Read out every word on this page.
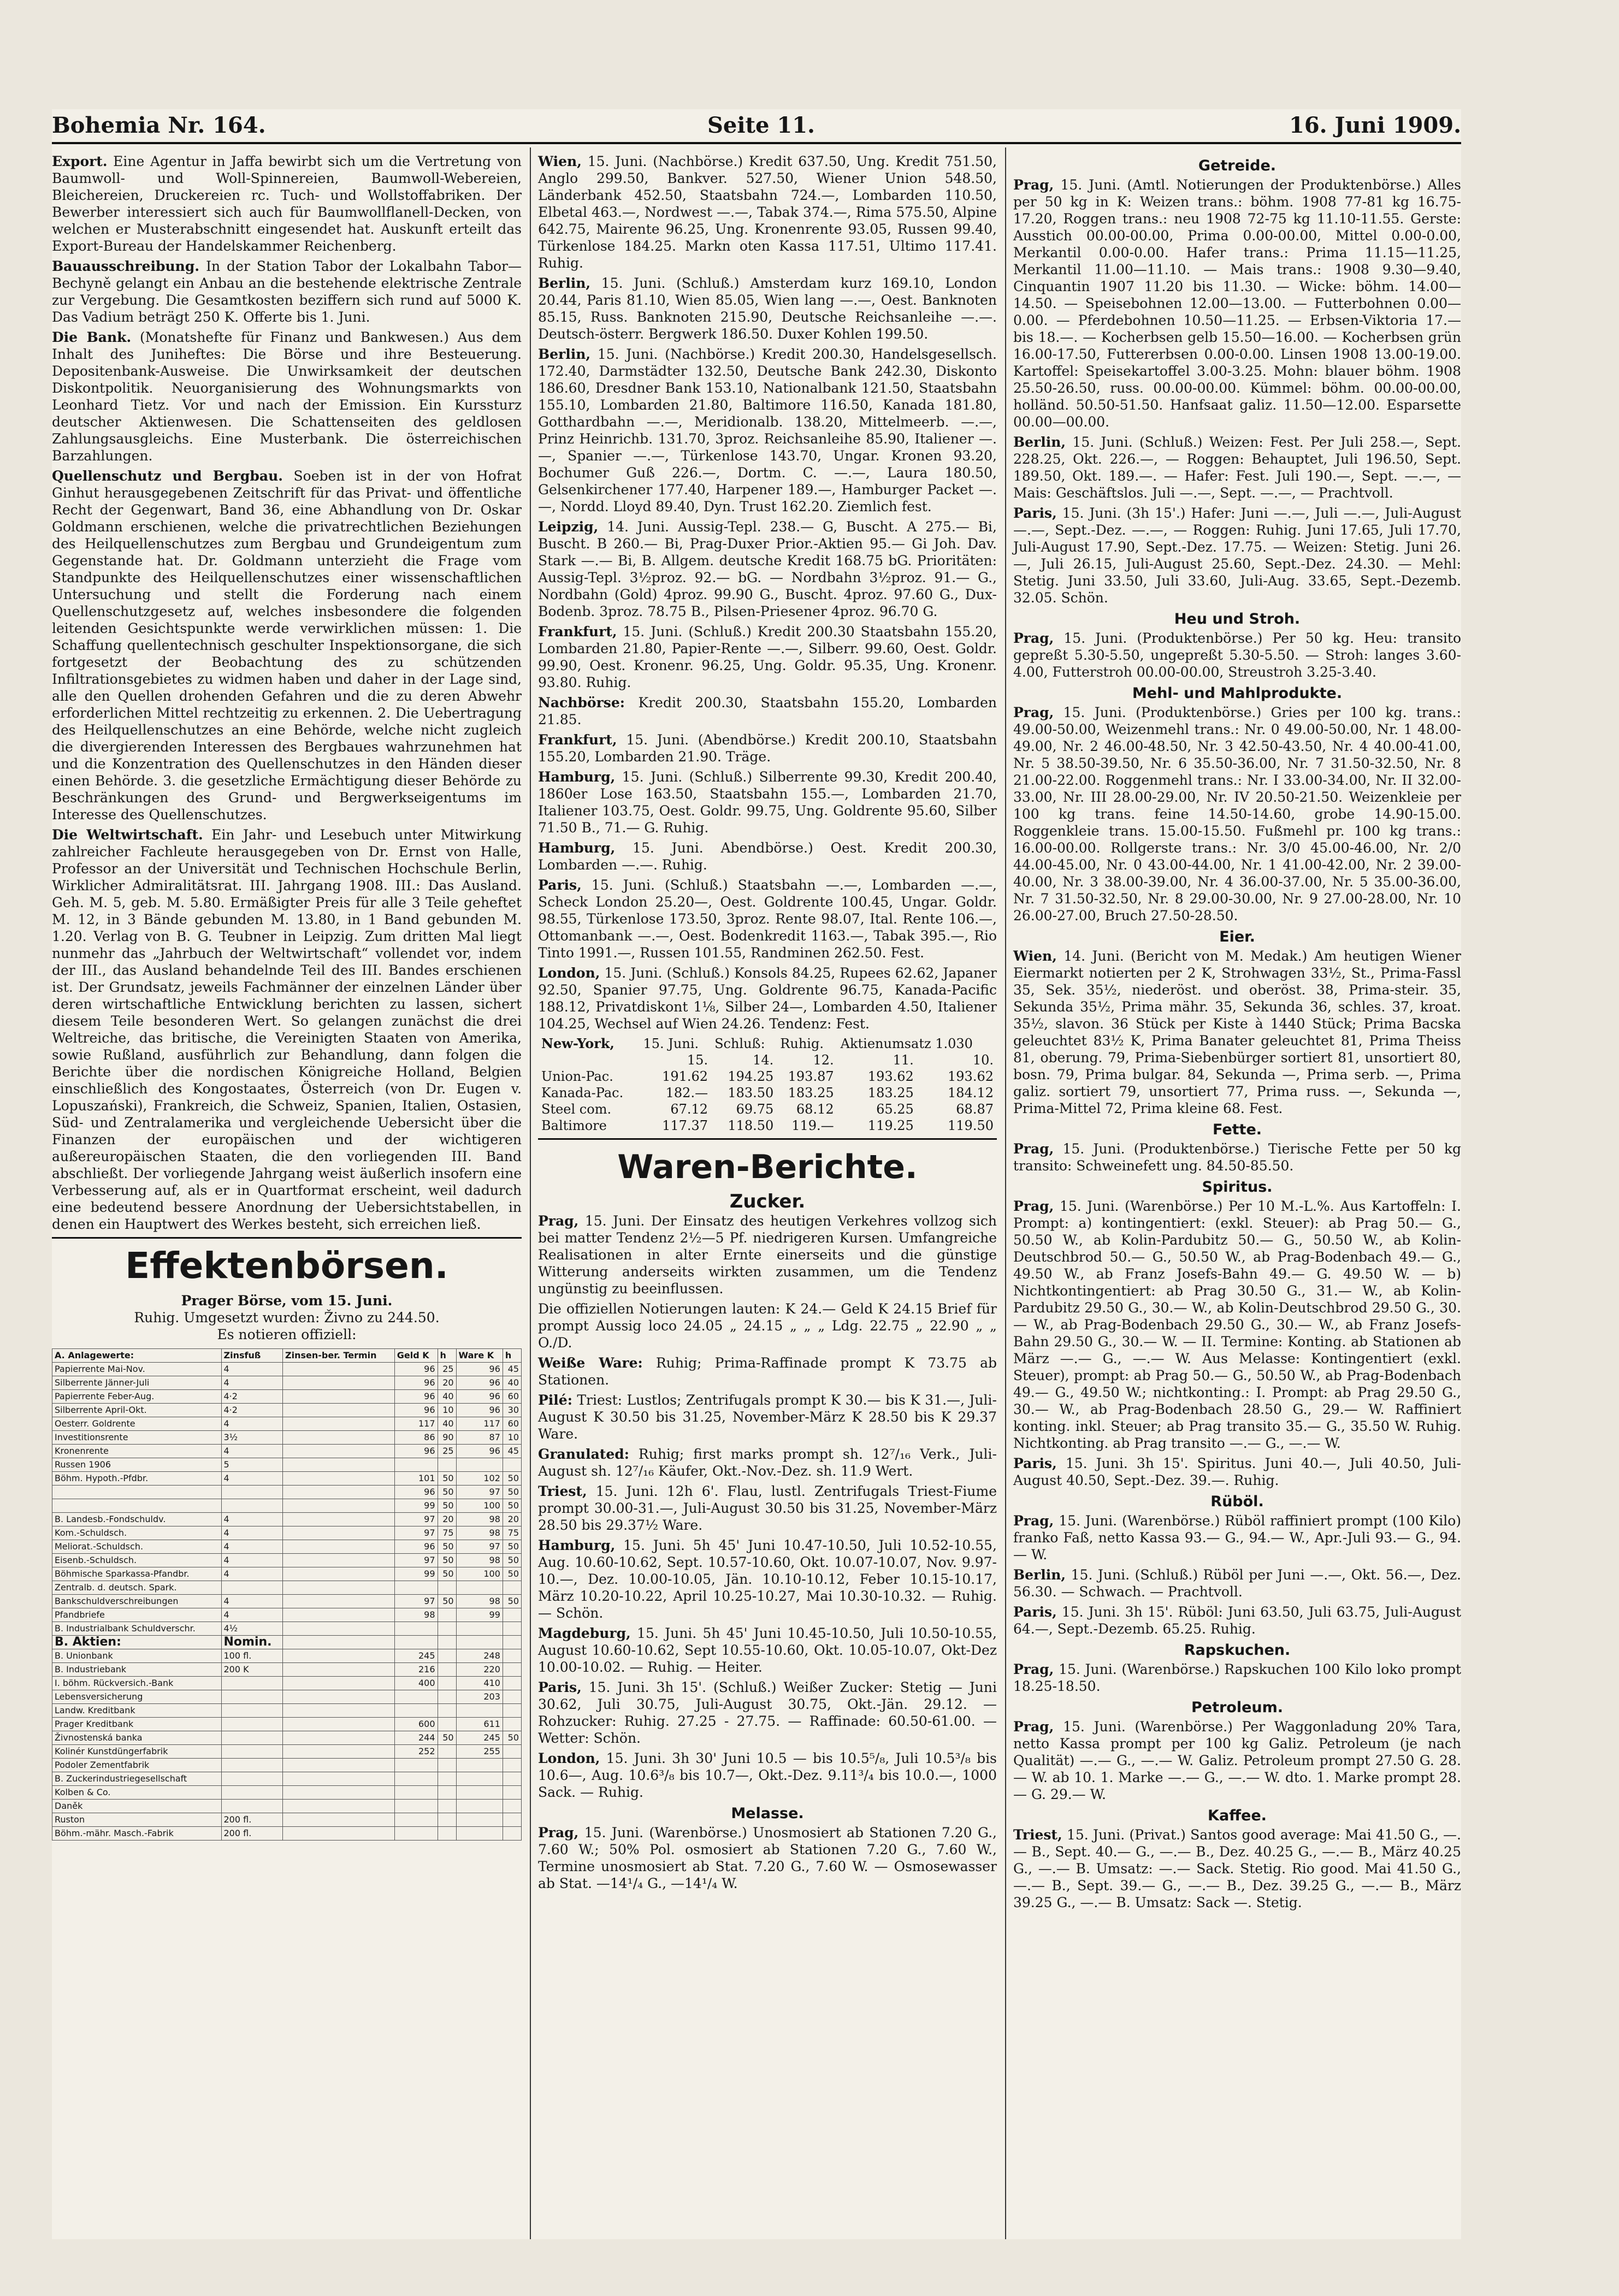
Bohemia Nr. 164.	Seite 11.	16. Juni 1909.

Export. Eine Agentur in Jaffa bewirbt sich um die Vertretung von Baumwoll- und Woll-Spinnereien, Baumwoll-Webereien, Bleichereien, Druckereien rc. Tuch- und Wollstoffabriken. Der Bewerber interessiert sich auch für Baumwollflanell-Decken, von welchen er Musterabschnitt eingesendet hat. Auskunft erteilt das Export-Bureau der Handelskammer Reichenberg.

Bauausschreibung. In der Station Tabor der Lokalbahn Tabor—Bechyně gelangt ein Anbau an die bestehende elektrische Zentrale zur Vergebung. Die Gesamtkosten beziffern sich rund auf 5000 K. Das Vadium beträgt 250 K. Offerte bis 1. Juni.

Die Bank. (Monatshefte für Finanz und Bankwesen.) Aus dem Inhalt des Juniheftes: Die Börse und ihre Besteuerung. Depositenbank-Ausweise. Die Unwirksamkeit der deutschen Diskontpolitik. Neuorganisierung des Wohnungsmarkts von Leonhard Tietz. Vor und nach der Emission. Ein Kurssturz deutscher Aktienwesen. Die Schattenseiten des geldlosen Zahlungsausgleichs. Eine Musterbank. Die österreichischen Barzahlungen.

Quellenschutz und Bergbau. Soeben ist in der von Hofrat Ginhut herausgegebenen Zeitschrift für das Privat- und öffentliche Recht der Gegenwart, Band 36, eine Abhandlung von Dr. Oskar Goldmann erschienen, welche die privatrechtlichen Beziehungen des Heilquellenschutzes zum Bergbau und Grundeigentum zum Gegenstande hat. Dr. Goldmann unterzieht die Frage vom Standpunkte des Heilquellenschutzes einer wissenschaftlichen Untersuchung und stellt die Forderung nach einem Quellenschutzgesetz auf, welches insbesondere die folgenden leitenden Gesichtspunkte werde verwirklichen müssen: 1. Die Schaffung quellentechnisch geschulter Inspektionsorgane, die sich fortgesetzt der Beobachtung des zu schützenden Infiltrationsgebietes zu widmen haben und daher in der Lage sind, alle den Quellen drohenden Gefahren und die zu deren Abwehr erforderlichen Mittel rechtzeitig zu erkennen. 2. Die Uebertragung des Heilquellenschutzes an eine Behörde, welche nicht zugleich die divergierenden Interessen des Bergbaues wahrzunehmen hat und die Konzentration des Quellenschutzes in den Händen dieser einen Behörde. 3. die gesetzliche Ermächtigung dieser Behörde zu Beschränkungen des Grund- und Bergwerkseigentums im Interesse des Quellenschutzes.

Die Weltwirtschaft. Ein Jahr- und Lesebuch unter Mitwirkung zahlreicher Fachleute herausgegeben von Dr. Ernst von Halle, Professor an der Universität und Technischen Hochschule Berlin, Wirklicher Admiralitätsrat. III. Jahrgang 1908. III.: Das Ausland. Geh. M. 5, geb. M. 5.80. Ermäßigter Preis für alle 3 Teile geheftet M. 12, in 3 Bände gebunden M. 13.80, in 1 Band gebunden M. 1.20. Verlag von B. G. Teubner in Leipzig. Zum dritten Mal liegt nunmehr das „Jahrbuch der Weltwirtschaft“ vollendet vor, indem der III., das Ausland behandelnde Teil des III. Bandes erschienen ist. Der Grundsatz, jeweils Fachmänner der einzelnen Länder über deren wirtschaftliche Entwicklung berichten zu lassen, sichert diesem Teile besonderen Wert. So gelangen zunächst die drei Weltreiche, das britische, die Vereinigten Staaten von Amerika, sowie Rußland, ausführlich zur Behandlung, dann folgen die Berichte über die nordischen Königreiche Holland, Belgien einschließlich des Kongostaates, Österreich (von Dr. Eugen v. Lopuszański), Frankreich, die Schweiz, Spanien, Italien, Ostasien, Süd- und Zentralamerika und vergleichende Uebersicht über die Finanzen der europäischen und der wichtigeren außereuropäischen Staaten, die den vorliegenden III. Band abschließt. Der vorliegende Jahrgang weist äußerlich insofern eine Verbesserung auf, als er in Quartformat erscheint, weil dadurch eine bedeutend bessere Anordnung der Uebersichtstabellen, in denen ein Hauptwert des Werkes besteht, sich erreichen ließ.

Effektenbörsen.
Prager Börse, vom 15. Juni.
Ruhig. Umgesetzt wurden: Živno zu 244.50.
Es notieren offiziell:
A. Anlagewerte:	Zinsfuß	Zinsen-ber. Termin	Geld K	h	Ware K	h
Papierrente Mai-Nov.	4		96	25	96	45
Silberrente Jänner-Juli	4		96	20	96	40
Papierrente Feber-Aug.	4·2		96	40	96	60
Silberrente April-Okt.	4·2		96	10	96	30
Oesterr. Goldrente	4		117	40	117	60
Investitionsrente	3½		86	90	87	10
Kronenrente	4		96	25	96	45
Russen 1906	5					
Böhm. Hypoth.-Pfdbr.	4		101	50	102	50
			96	50	97	50
			99	50	100	50
B. Landesb.-Fondschuldv.	4		97	20	98	20
Kom.-Schuldsch.	4		97	75	98	75
Meliorat.-Schuldsch.	4		96	50	97	50
Eisenb.-Schuldsch.	4		97	50	98	50
Böhmische Sparkassa-Pfandbr.	4		99	50	100	50
Zentralb. d. deutsch. Spark.						
Bankschuldverschreibungen	4		97	50	98	50
Pfandbriefe	4		98		99	
B. Industrialbank Schuldverschr.	4½					
B. Aktien:	Nomin.					
B. Unionbank	100 fl.		245		248	
B. Industriebank	200 K		216		220	
I. böhm. Rückversich.-Bank			400		410	
Lebensversicherung					203	
Landw. Kreditbank						
Prager Kreditbank			600		611	
Živnostenská banka			244	50	245	50
Kolinér Kunstdüngerfabrik			252		255	
Podoler Zementfabrik						
B. Zuckerindustriegesellschaft						
Kolben & Co.						
Daněk						
Ruston	200 fl.					
Böhm.-mähr. Masch.-Fabrik	200 fl.					

Wien, 15. Juni. (Nachbörse.) Kredit 637.50, Ung. Kredit 751.50, Anglo 299.50, Bankver. 527.50, Wiener Union 548.50, Länderbank 452.50, Staatsbahn 724.—, Lombarden 110.50, Elbetal 463.—, Nordwest —.—, Tabak 374.—, Rima 575.50, Alpine 642.75, Mairente 96.25, Ung. Kronenrente 93.05, Russen 99.40, Türkenlose 184.25. Markn oten Kassa 117.51, Ultimo 117.41. Ruhig.

Berlin, 15. Juni. (Schluß.) Amsterdam kurz 169.10, London 20.44, Paris 81.10, Wien 85.05, Wien lang —.—, Oest. Banknoten 85.15, Russ. Banknoten 215.90, Deutsche Reichsanleihe —.—. Deutsch-österr. Bergwerk 186.50. Duxer Kohlen 199.50.

Berlin, 15. Juni. (Nachbörse.) Kredit 200.30, Handelsgesellsch. 172.40, Darmstädter 132.50, Deutsche Bank 242.30, Diskonto 186.60, Dresdner Bank 153.10, Nationalbank 121.50, Staatsbahn 155.10, Lombarden 21.80, Baltimore 116.50, Kanada 181.80, Gotthardbahn —.—, Meridionalb. 138.20, Mittelmeerb. —.—, Prinz Heinrichb. 131.70, 3proz. Reichsanleihe 85.90, Italiener —.—, Spanier —.—, Türkenlose 143.70, Ungar. Kronen 93.20, Bochumer Guß 226.—, Dortm. C. —.—, Laura 180.50, Gelsenkirchener 177.40, Harpener 189.—, Hamburger Packet —.—, Nordd. Lloyd 89.40, Dyn. Trust 162.20. Ziemlich fest.

Leipzig, 14. Juni. Aussig-Tepl. 238.— G, Buscht. A 275.— Bi, Buscht. B 260.— Bi, Prag-Duxer Prior.-Aktien 95.— Gi Joh. Dav. Stark —.— Bi, B. Allgem. deutsche Kredit 168.75 bG. Prioritäten: Aussig-Tepl. 3½proz. 92.— bG. — Nordbahn 3½proz. 91.— G., Nordbahn (Gold) 4proz. 99.90 G., Buscht. 4proz. 97.60 G., Dux-Bodenb. 3proz. 78.75 B., Pilsen-Priesener 4proz. 96.70 G.

Frankfurt, 15. Juni. (Schluß.) Kredit 200.30 Staatsbahn 155.20, Lombarden 21.80, Papier-Rente —.—, Silberr. 99.60, Oest. Goldr. 99.90, Oest. Kronenr. 96.25, Ung. Goldr. 95.35, Ung. Kronenr. 93.80. Ruhig.

Nachbörse: Kredit 200.30, Staatsbahn 155.20, Lombarden 21.85.

Frankfurt, 15. Juni. (Abendbörse.) Kredit 200.10, Staatsbahn 155.20, Lombarden 21.90. Träge.

Hamburg, 15. Juni. (Schluß.) Silberrente 99.30, Kredit 200.40, 1860er Lose 163.50, Staatsbahn 155.—, Lombarden 21.70, Italiener 103.75, Oest. Goldr. 99.75, Ung. Goldrente 95.60, Silber 71.50 B., 71.— G. Ruhig.

Hamburg, 15. Juni. Abendbörse.) Oest. Kredit 200.30, Lombarden —.—. Ruhig.

Paris, 15. Juni. (Schluß.) Staatsbahn —.—, Lombarden —.—, Scheck London 25.20—, Oest. Goldrente 100.45, Ungar. Goldr. 98.55, Türkenlose 173.50, 3proz. Rente 98.07, Ital. Rente 106.—, Ottomanbank —.—, Oest. Bodenkredit 1163.—, Tabak 395.—, Rio Tinto 1991.—, Russen 101.55, Randminen 262.50. Fest.

London, 15. Juni. (Schluß.) Konsols 84.25, Rupees 62.62, Japaner 92.50, Spanier 97.75, Ung. Goldrente 96.75, Kanada-Pacific 188.12, Privatdiskont 1⅛, Silber 24—, Lombarden 4.50, Italiener 104.25, Wechsel auf Wien 24.26. Tendenz: Fest.

New-York,	15. Juni.	Schluß:	Ruhig.	Aktienumsatz 1.030	
	15.	14.	12.	11.	10.
Union-Pac.	191.62	194.25	193.87	193.62	193.62
Kanada-Pac.	182.—	183.50	183.25	183.25	184.12
Steel com.	67.12	69.75	68.12	65.25	68.87
Baltimore	117.37	118.50	119.—	119.25	119.50
Waren-Berichte.
Zucker.

Prag, 15. Juni. Der Einsatz des heutigen Verkehres vollzog sich bei matter Tendenz 2½—5 Pf. niedrigeren Kursen. Umfangreiche Realisationen in alter Ernte einerseits und die günstige Witterung anderseits wirkten zusammen, um die Tendenz ungünstig zu beeinflussen.

Die offiziellen Notierungen lauten: K 24.— Geld K 24.15 Brief für prompt Aussig loco 24.05 „ 24.15 „ „ „ Ldg. 22.75 „ 22.90 „ „ O./D.

Weiße Ware: Ruhig; Prima-Raffinade prompt K 73.75 ab Stationen.

Pilé: Triest: Lustlos; Zentrifugals prompt K 30.— bis K 31.—, Juli-August K 30.50 bis 31.25, November-März K 28.50 bis K 29.37 Ware.

Granulated: Ruhig; first marks prompt sh. 12⁷/₁₆ Verk., Juli-August sh. 12⁷/₁₆ Käufer, Okt.-Nov.-Dez. sh. 11.9 Wert.

Triest, 15. Juni. 12h 6'. Flau, lustl. Zentrifugals Triest-Fiume prompt 30.00-31.—, Juli-August 30.50 bis 31.25, November-März 28.50 bis 29.37½ Ware.

Hamburg, 15. Juni. 5h 45' Juni 10.47-10.50, Juli 10.52-10.55, Aug. 10.60-10.62, Sept. 10.57-10.60, Okt. 10.07-10.07, Nov. 9.97-10.—, Dez. 10.00-10.05, Jän. 10.10-10.12, Feber 10.15-10.17, März 10.20-10.22, April 10.25-10.27, Mai 10.30-10.32. — Ruhig. — Schön.

Magdeburg, 15. Juni. 5h 45' Juni 10.45-10.50, Juli 10.50-10.55, August 10.60-10.62, Sept 10.55-10.60, Okt. 10.05-10.07, Okt-Dez 10.00-10.02. — Ruhig. — Heiter.

Paris, 15. Juni. 3h 15'. (Schluß.) Weißer Zucker: Stetig — Juni 30.62, Juli 30.75, Juli-August 30.75, Okt.-Jän. 29.12. — Rohzucker: Ruhig. 27.25 - 27.75. — Raffinade: 60.50-61.00. — Wetter: Schön.

London, 15. Juni. 3h 30' Juni 10.5 — bis 10.5⁵/₈, Juli 10.5³/₈ bis 10.6—, Aug. 10.6³/₈ bis 10.7—, Okt.-Dez. 9.11³/₄ bis 10.0.—, 1000 Sack. — Ruhig.

Melasse.

Prag, 15. Juni. (Warenbörse.) Unosmosiert ab Stationen 7.20 G., 7.60 W.; 50% Pol. osmosiert ab Stationen 7.20 G., 7.60 W., Termine unosmosiert ab Stat. 7.20 G., 7.60 W. — Osmosewasser ab Stat. —14¹/₄ G., —14¹/₄ W.

Getreide.

Prag, 15. Juni. (Amtl. Notierungen der Produktenbörse.) Alles per 50 kg in K: Weizen trans.: böhm. 1908 77-81 kg 16.75-17.20, Roggen trans.: neu 1908 72-75 kg 11.10-11.55. Gerste: Ausstich 00.00-00.00, Prima 0.00-00.00, Mittel 0.00-0.00, Merkantil 0.00-0.00. Hafer trans.: Prima 11.15—11.25, Merkantil 11.00—11.10. — Mais trans.: 1908 9.30—9.40, Cinquantin 1907 11.20 bis 11.30. — Wicke: böhm. 14.00—14.50. — Speisebohnen 12.00—13.00. — Futterbohnen 0.00—0.00. — Pferdebohnen 10.50—11.25. — Erbsen-Viktoria 17.— bis 18.—. — Kocherbsen gelb 15.50—16.00. — Kocherbsen grün 16.00-17.50, Futtererbsen 0.00-0.00. Linsen 1908 13.00-19.00. Kartoffel: Speisekartoffel 3.00-3.25. Mohn: blauer böhm. 1908 25.50-26.50, russ. 00.00-00.00. Kümmel: böhm. 00.00-00.00, holländ. 50.50-51.50. Hanfsaat galiz. 11.50—12.00. Esparsette 00.00—00.00.

Berlin, 15. Juni. (Schluß.) Weizen: Fest. Per Juli 258.—, Sept. 228.25, Okt. 226.—, — Roggen: Behauptet, Juli 196.50, Sept. 189.50, Okt. 189.—. — Hafer: Fest. Juli 190.—, Sept. —.—, — Mais: Geschäftslos. Juli —.—, Sept. —.—, — Prachtvoll.

Paris, 15. Juni. (3h 15'.) Hafer: Juni —.—, Juli —.—, Juli-August —.—, Sept.-Dez. —.—, — Roggen: Ruhig. Juni 17.65, Juli 17.70, Juli-August 17.90, Sept.-Dez. 17.75. — Weizen: Stetig. Juni 26.—, Juli 26.15, Juli-August 25.60, Sept.-Dez. 24.30. — Mehl: Stetig. Juni 33.50, Juli 33.60, Juli-Aug. 33.65, Sept.-Dezemb. 32.05. Schön.

Heu und Stroh.

Prag, 15. Juni. (Produktenbörse.) Per 50 kg. Heu: transito gepreßt 5.30-5.50, ungepreßt 5.30-5.50. — Stroh: langes 3.60-4.00, Futterstroh 00.00-00.00, Streustroh 3.25-3.40.

Mehl- und Mahlprodukte.

Prag, 15. Juni. (Produktenbörse.) Gries per 100 kg. trans.: 49.00-50.00, Weizenmehl trans.: Nr. 0 49.00-50.00, Nr. 1 48.00-49.00, Nr. 2 46.00-48.50, Nr. 3 42.50-43.50, Nr. 4 40.00-41.00, Nr. 5 38.50-39.50, Nr. 6 35.50-36.00, Nr. 7 31.50-32.50, Nr. 8 21.00-22.00. Roggenmehl trans.: Nr. I 33.00-34.00, Nr. II 32.00-33.00, Nr. III 28.00-29.00, Nr. IV 20.50-21.50. Weizenkleie per 100 kg trans. feine 14.50-14.60, grobe 14.90-15.00. Roggenkleie trans. 15.00-15.50. Fußmehl pr. 100 kg trans.: 16.00-00.00. Rollgerste trans.: Nr. 3/0 45.00-46.00, Nr. 2/0 44.00-45.00, Nr. 0 43.00-44.00, Nr. 1 41.00-42.00, Nr. 2 39.00-40.00, Nr. 3 38.00-39.00, Nr. 4 36.00-37.00, Nr. 5 35.00-36.00, Nr. 7 31.50-32.50, Nr. 8 29.00-30.00, Nr. 9 27.00-28.00, Nr. 10 26.00-27.00, Bruch 27.50-28.50.

Eier.

Wien, 14. Juni. (Bericht von M. Medak.) Am heutigen Wiener Eiermarkt notierten per 2 K, Strohwagen 33½, St., Prima-Fassl 35, Sek. 35½, niederöst. und oberöst. 38, Prima-steir. 35, Sekunda 35½, Prima mähr. 35, Sekunda 36, schles. 37, kroat. 35½, slavon. 36 Stück per Kiste à 1440 Stück; Prima Bacska geleuchtet 83½ K, Prima Banater geleuchtet 81, Prima Theiss 81, oberung. 79, Prima-Siebenbürger sortiert 81, unsortiert 80, bosn. 79, Prima bulgar. 84, Sekunda —, Prima serb. —, Prima galiz. sortiert 79, unsortiert 77, Prima russ. —, Sekunda —, Prima-Mittel 72, Prima kleine 68. Fest.

Fette.

Prag, 15. Juni. (Produktenbörse.) Tierische Fette per 50 kg transito: Schweinefett ung. 84.50-85.50.

Spiritus.

Prag, 15. Juni. (Warenbörse.) Per 10 M.-L.%. Aus Kartoffeln: I. Prompt: a) kontingentiert: (exkl. Steuer): ab Prag 50.— G., 50.50 W., ab Kolin-Pardubitz 50.— G., 50.50 W., ab Kolin-Deutschbrod 50.— G., 50.50 W., ab Prag-Bodenbach 49.— G., 49.50 W., ab Franz Josefs-Bahn 49.— G. 49.50 W. — b) Nichtkontingentiert: ab Prag 30.50 G., 31.— W., ab Kolin-Pardubitz 29.50 G., 30.— W., ab Kolin-Deutschbrod 29.50 G., 30.— W., ab Prag-Bodenbach 29.50 G., 30.— W., ab Franz Josefs-Bahn 29.50 G., 30.— W. — II. Termine: Konting. ab Stationen ab März —.— G., —.— W. Aus Melasse: Kontingentiert (exkl. Steuer), prompt: ab Prag 50.— G., 50.50 W., ab Prag-Bodenbach 49.— G., 49.50 W.; nichtkonting.: I. Prompt: ab Prag 29.50 G., 30.— W., ab Prag-Bodenbach 28.50 G., 29.— W. Raffiniert konting. inkl. Steuer; ab Prag transito 35.— G., 35.50 W. Ruhig. Nichtkonting. ab Prag transito —.— G., —.— W.

Paris, 15. Juni. 3h 15'. Spiritus. Juni 40.—, Juli 40.50, Juli-August 40.50, Sept.-Dez. 39.—. Ruhig.

Rüböl.

Prag, 15. Juni. (Warenbörse.) Rüböl raffiniert prompt (100 Kilo) franko Faß, netto Kassa 93.— G., 94.— W., Apr.-Juli 93.— G., 94.— W.

Berlin, 15. Juni. (Schluß.) Rüböl per Juni —.—, Okt. 56.—, Dez. 56.30. — Schwach. — Prachtvoll.

Paris, 15. Juni. 3h 15'. Rüböl: Juni 63.50, Juli 63.75, Juli-August 64.—, Sept.-Dezemb. 65.25. Ruhig.

Rapskuchen.

Prag, 15. Juni. (Warenbörse.) Rapskuchen 100 Kilo loko prompt 18.25-18.50.

Petroleum.

Prag, 15. Juni. (Warenbörse.) Per Waggonladung 20% Tara, netto Kassa prompt per 100 kg Galiz. Petroleum (je nach Qualität) —.— G., —.— W. Galiz. Petroleum prompt 27.50 G. 28.— W. ab 10. 1. Marke —.— G., —.— W. dto. 1. Marke prompt 28.— G. 29.— W.

Kaffee.

Triest, 15. Juni. (Privat.) Santos good average: Mai 41.50 G., —.— B., Sept. 40.— G., —.— B., Dez. 40.25 G., —.— B., März 40.25 G., —.— B. Umsatz: —.— Sack. Stetig. Rio good. Mai 41.50 G., —.— B., Sept. 39.— G., —.— B., Dez. 39.25 G., —.— B., März 39.25 G., —.— B. Umsatz: Sack —. Stetig.
